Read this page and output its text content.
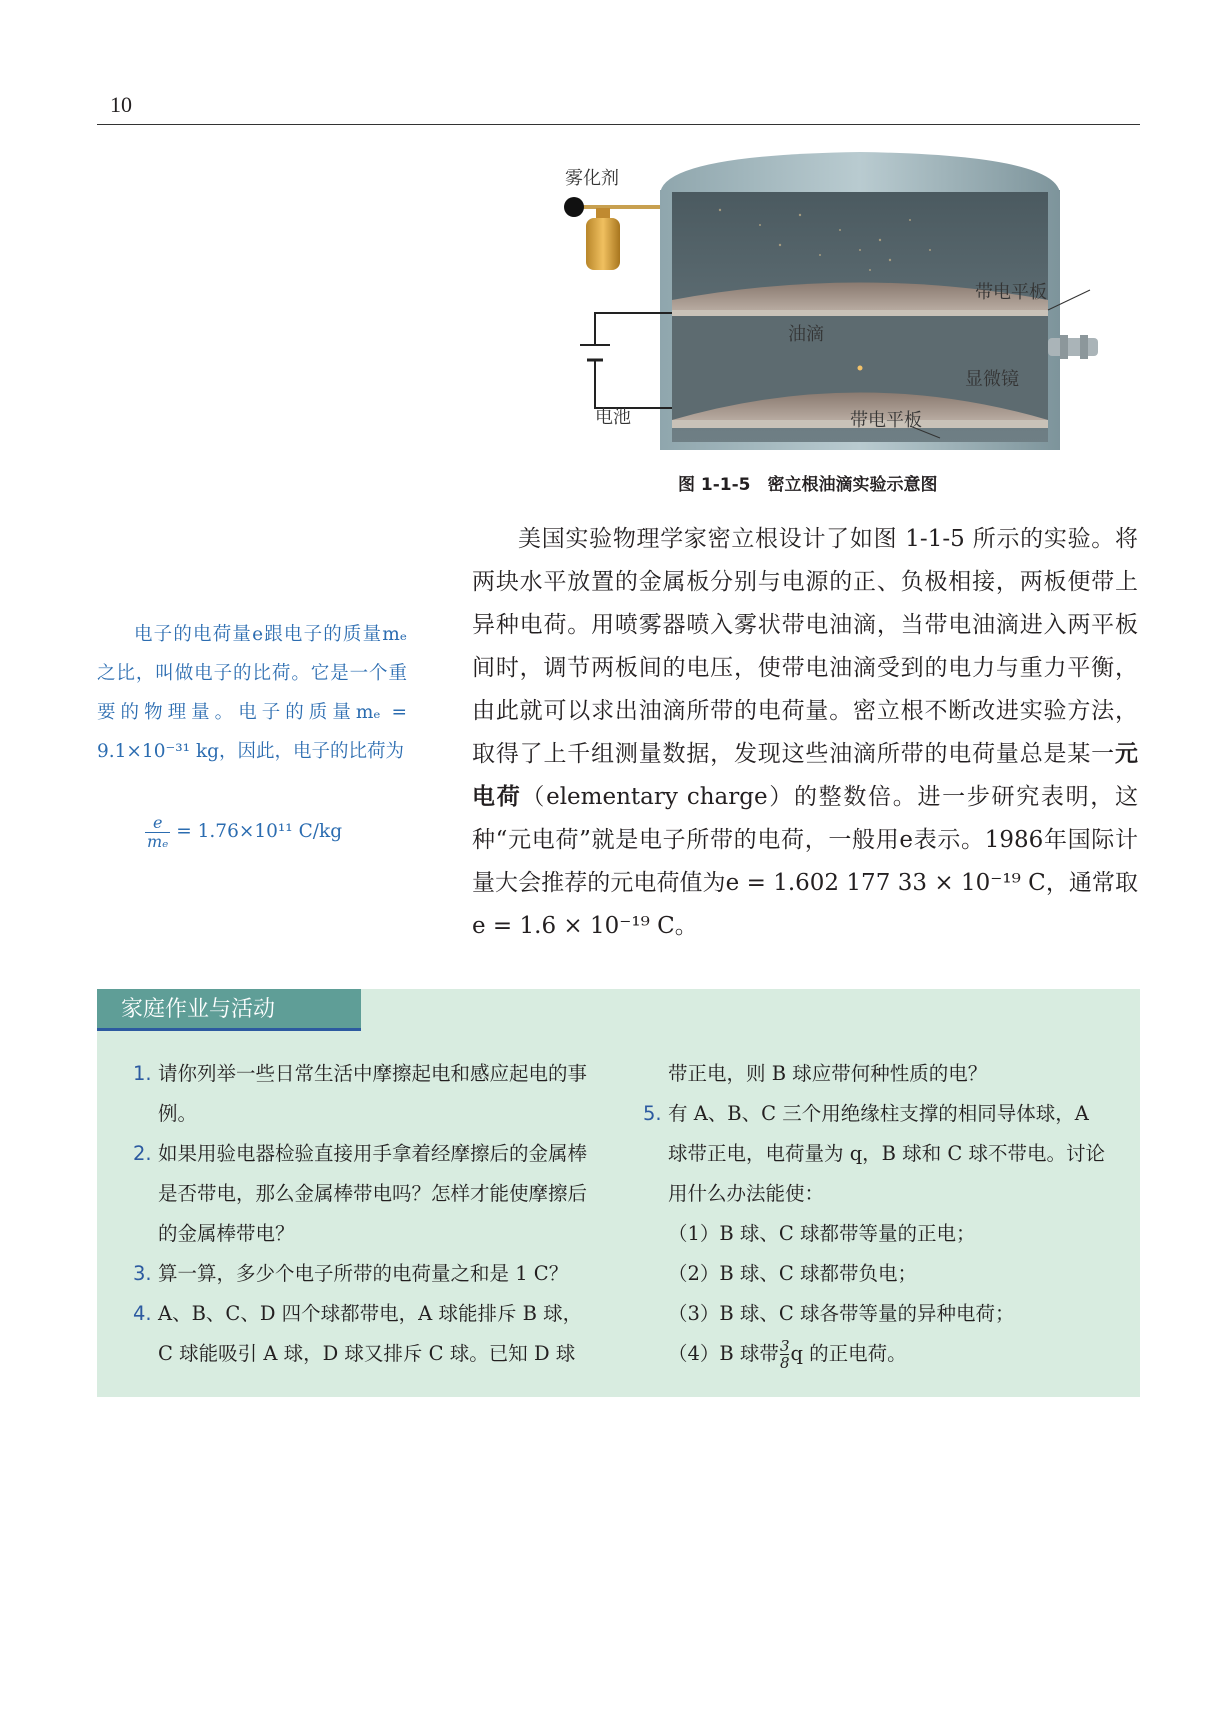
10
雾化剂
带电平板
油滴
显微镜
电池	带电平板
图 1-1-5　密立根油滴实验示意图

电子的电荷量e跟电子的质量mₑ之比，叫做电子的比荷。它是一个重要的物理量。电子的质量mₑ = 9.1×10⁻³¹ kg，因此，电子的比荷为

$\frac{e}{\text{mₑ}} = 1.76\times 10^{11}$ C/kg

美国实验物理学家密立根设计了如图 1-1-5 所示的实验。将两块水平放置的金属板分别与电源的正、负极相接，两板便带上异种电荷。用喷雾器喷入雾状带电油滴，当带电油滴进入两平板间时，调节两板间的电压，使带电油滴受到的电力与重力平衡，由此就可以求出油滴所带的电荷量。密立根不断改进实验方法，取得了上千组测量数据，发现这些油滴所带的电荷量总是某一元电荷（elementary charge）的整数倍。进一步研究表明，这种“元电荷”就是电子所带的电荷，一般用e表示。1986年国际计量大会推荐的元电荷值为e = 1.602 177 33 × 10⁻¹⁹ C，通常取e = 1.6 × 10⁻¹⁹ C。

家庭作业与活动
1. 请你列举一些日常生活中摩擦起电和感应起电的事例。
2. 如果用验电器检验直接用手拿着经摩擦后的金属棒是否带电，那么金属棒带电吗？怎样才能使摩擦后的金属棒带电？
3. 算一算，多少个电子所带的电荷量之和是 1 C？
4. A、B、C、D 四个球都带电，A 球能排斥 B 球，C 球能吸引 A 球，D 球又排斥 C 球。已知 D 球
带正电，则 B 球应带何种性质的电？
5. 有 A、B、C 三个用绝缘柱支撑的相同导体球，A 球带正电，电荷量为 q，B 球和 C 球不带电。讨论用什么办法能使：
（1）B 球、C 球都带等量的正电；
（2）B 球、C 球都带负电；
（3）B 球、C 球各带等量的异种电荷；
（4）B 球带 $\frac{3}{8}$ q 的正电荷。
